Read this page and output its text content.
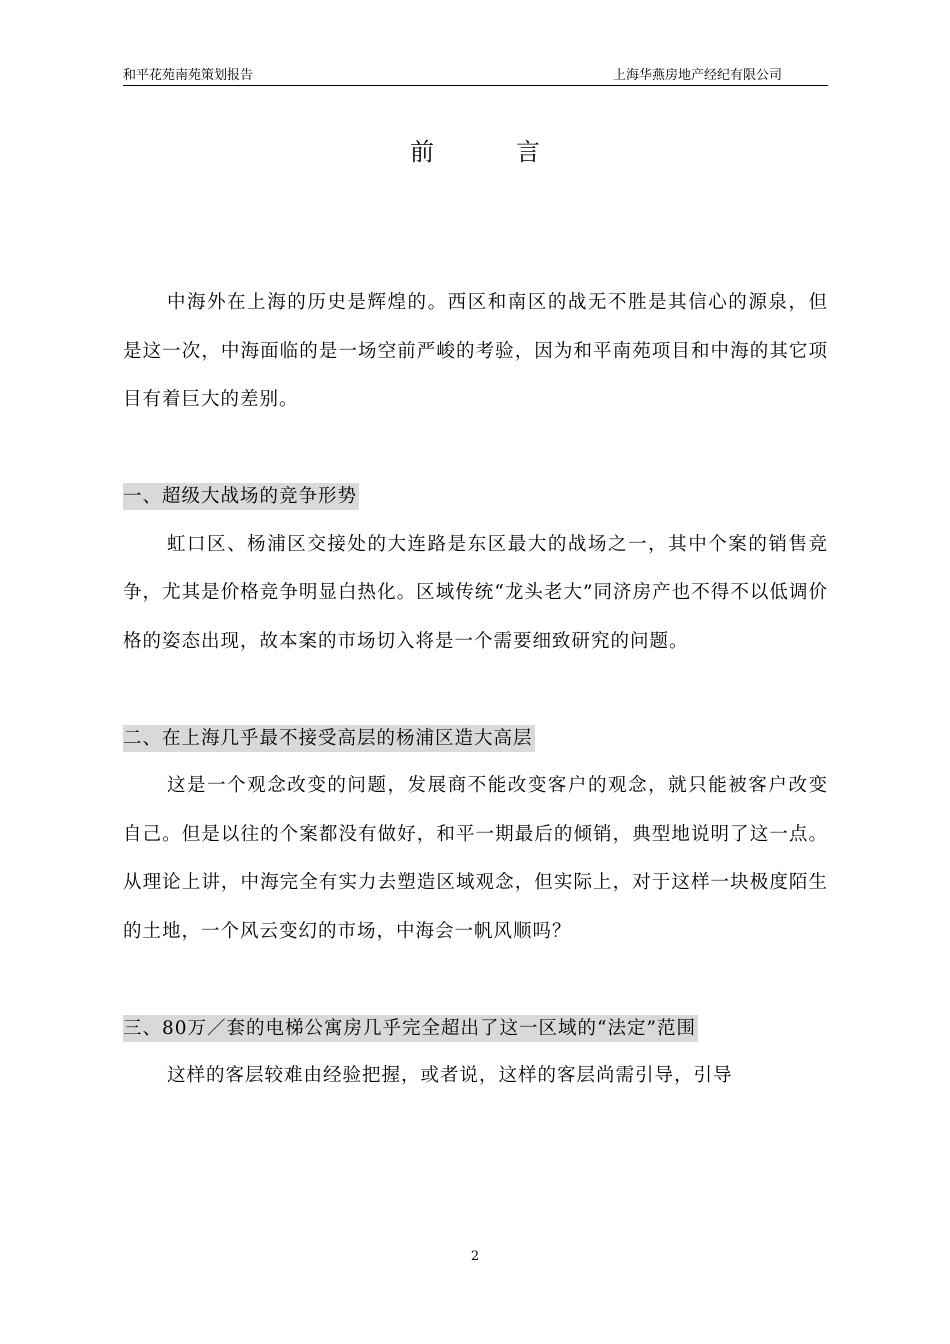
和平花苑南苑策划报告	上海华燕房地产经纪有限公司
前言

中海外在上海的历史是辉煌的。西区和南区的战无不胜是其信心的源泉，但是这一次，中海面临的是一场空前严峻的考验，因为和平南苑项目和中海的其它项目有着巨大的差别。

一、超级大战场的竞争形势

虹口区、杨浦区交接处的大连路是东区最大的战场之一，其中个案的销售竞争，尤其是价格竞争明显白热化。区域传统“龙头老大”同济房产也不得不以低调价格的姿态出现，故本案的市场切入将是一个需要细致研究的问题。

二、在上海几乎最不接受高层的杨浦区造大高层

这是一个观念改变的问题，发展商不能改变客户的观念，就只能被客户改变自己。但是以往的个案都没有做好，和平一期最后的倾销，典型地说明了这一点。从理论上讲，中海完全有实力去塑造区域观念，但实际上，对于这样一块极度陌生的土地，一个风云变幻的市场，中海会一帆风顺吗？

三、80万／套的电梯公寓房几乎完全超出了这一区域的“法定”范围

这样的客层较难由经验把握，或者说，这样的客层尚需引导，引导

2
